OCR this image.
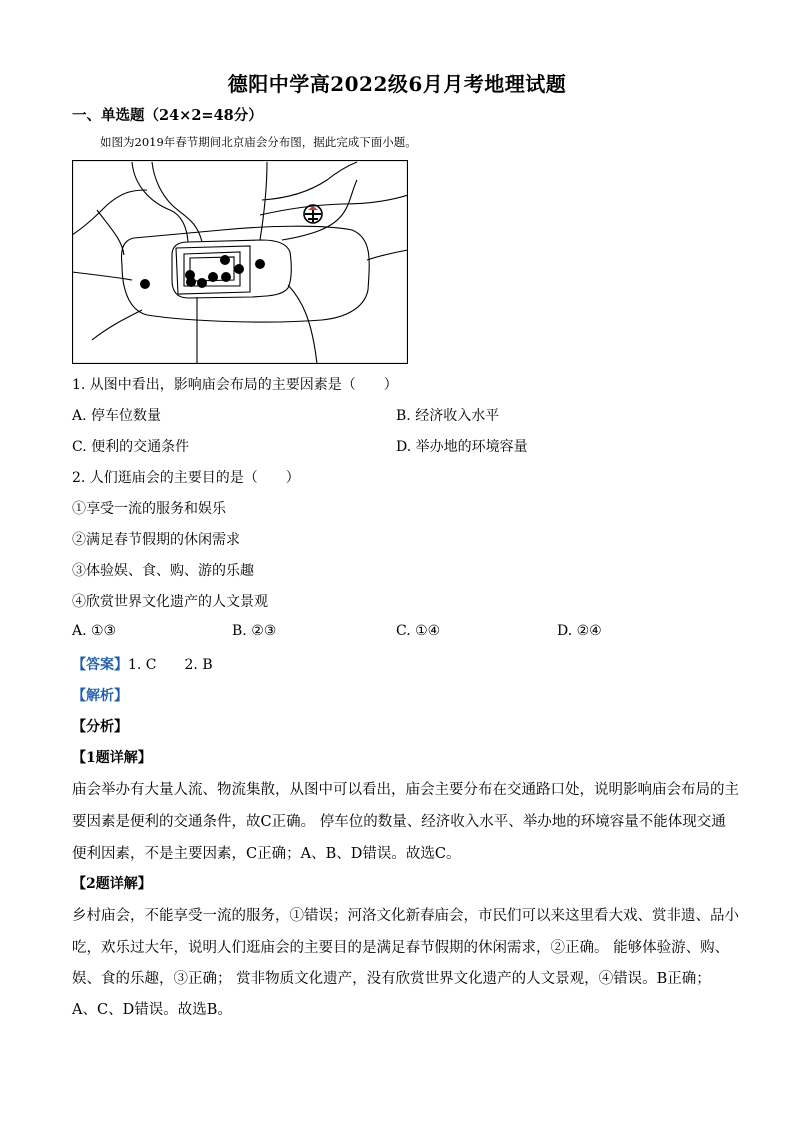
德阳中学高2022级6月月考地理试题
一、单选题（24×2=48分）
如图为2019年春节期间北京庙会分布图，据此完成下面小题。
1. 从图中看出，影响庙会布局的主要因素是（　　）
A. 停车位数量	B. 经济收入水平
C. 便利的交通条件	D. 举办地的环境容量
2. 人们逛庙会的主要目的是（　　）
①享受一流的服务和娱乐
②满足春节假期的休闲需求
③体验娱、食、购、游的乐趣
④欣赏世界文化遗产的人文景观
A. ①③	B. ②③	C. ①④	D. ②④
【答案】1. C　　2. B
【解析】
【分析】
【1题详解】
庙会举办有大量人流、物流集散，从图中可以看出，庙会主要分布在交通路口处，说明影响庙会布局的主
要因素是便利的交通条件，故C正确。 停车位的数量、经济收入水平、举办地的环境容量不能体现交通
便利因素，不是主要因素，C正确；A、B、D错误。故选C。
【2题详解】
乡村庙会，不能享受一流的服务，①错误；河洛文化新春庙会，市民们可以来这里看大戏、赏非遗、品小
吃，欢乐过大年，说明人们逛庙会的主要目的是满足春节假期的休闲需求，②正确。 能够体验游、购、
娱、食的乐趣，③正确； 赏非物质文化遗产，没有欣赏世界文化遗产的人文景观，④错误。B正确；
A、C、D错误。故选B。
